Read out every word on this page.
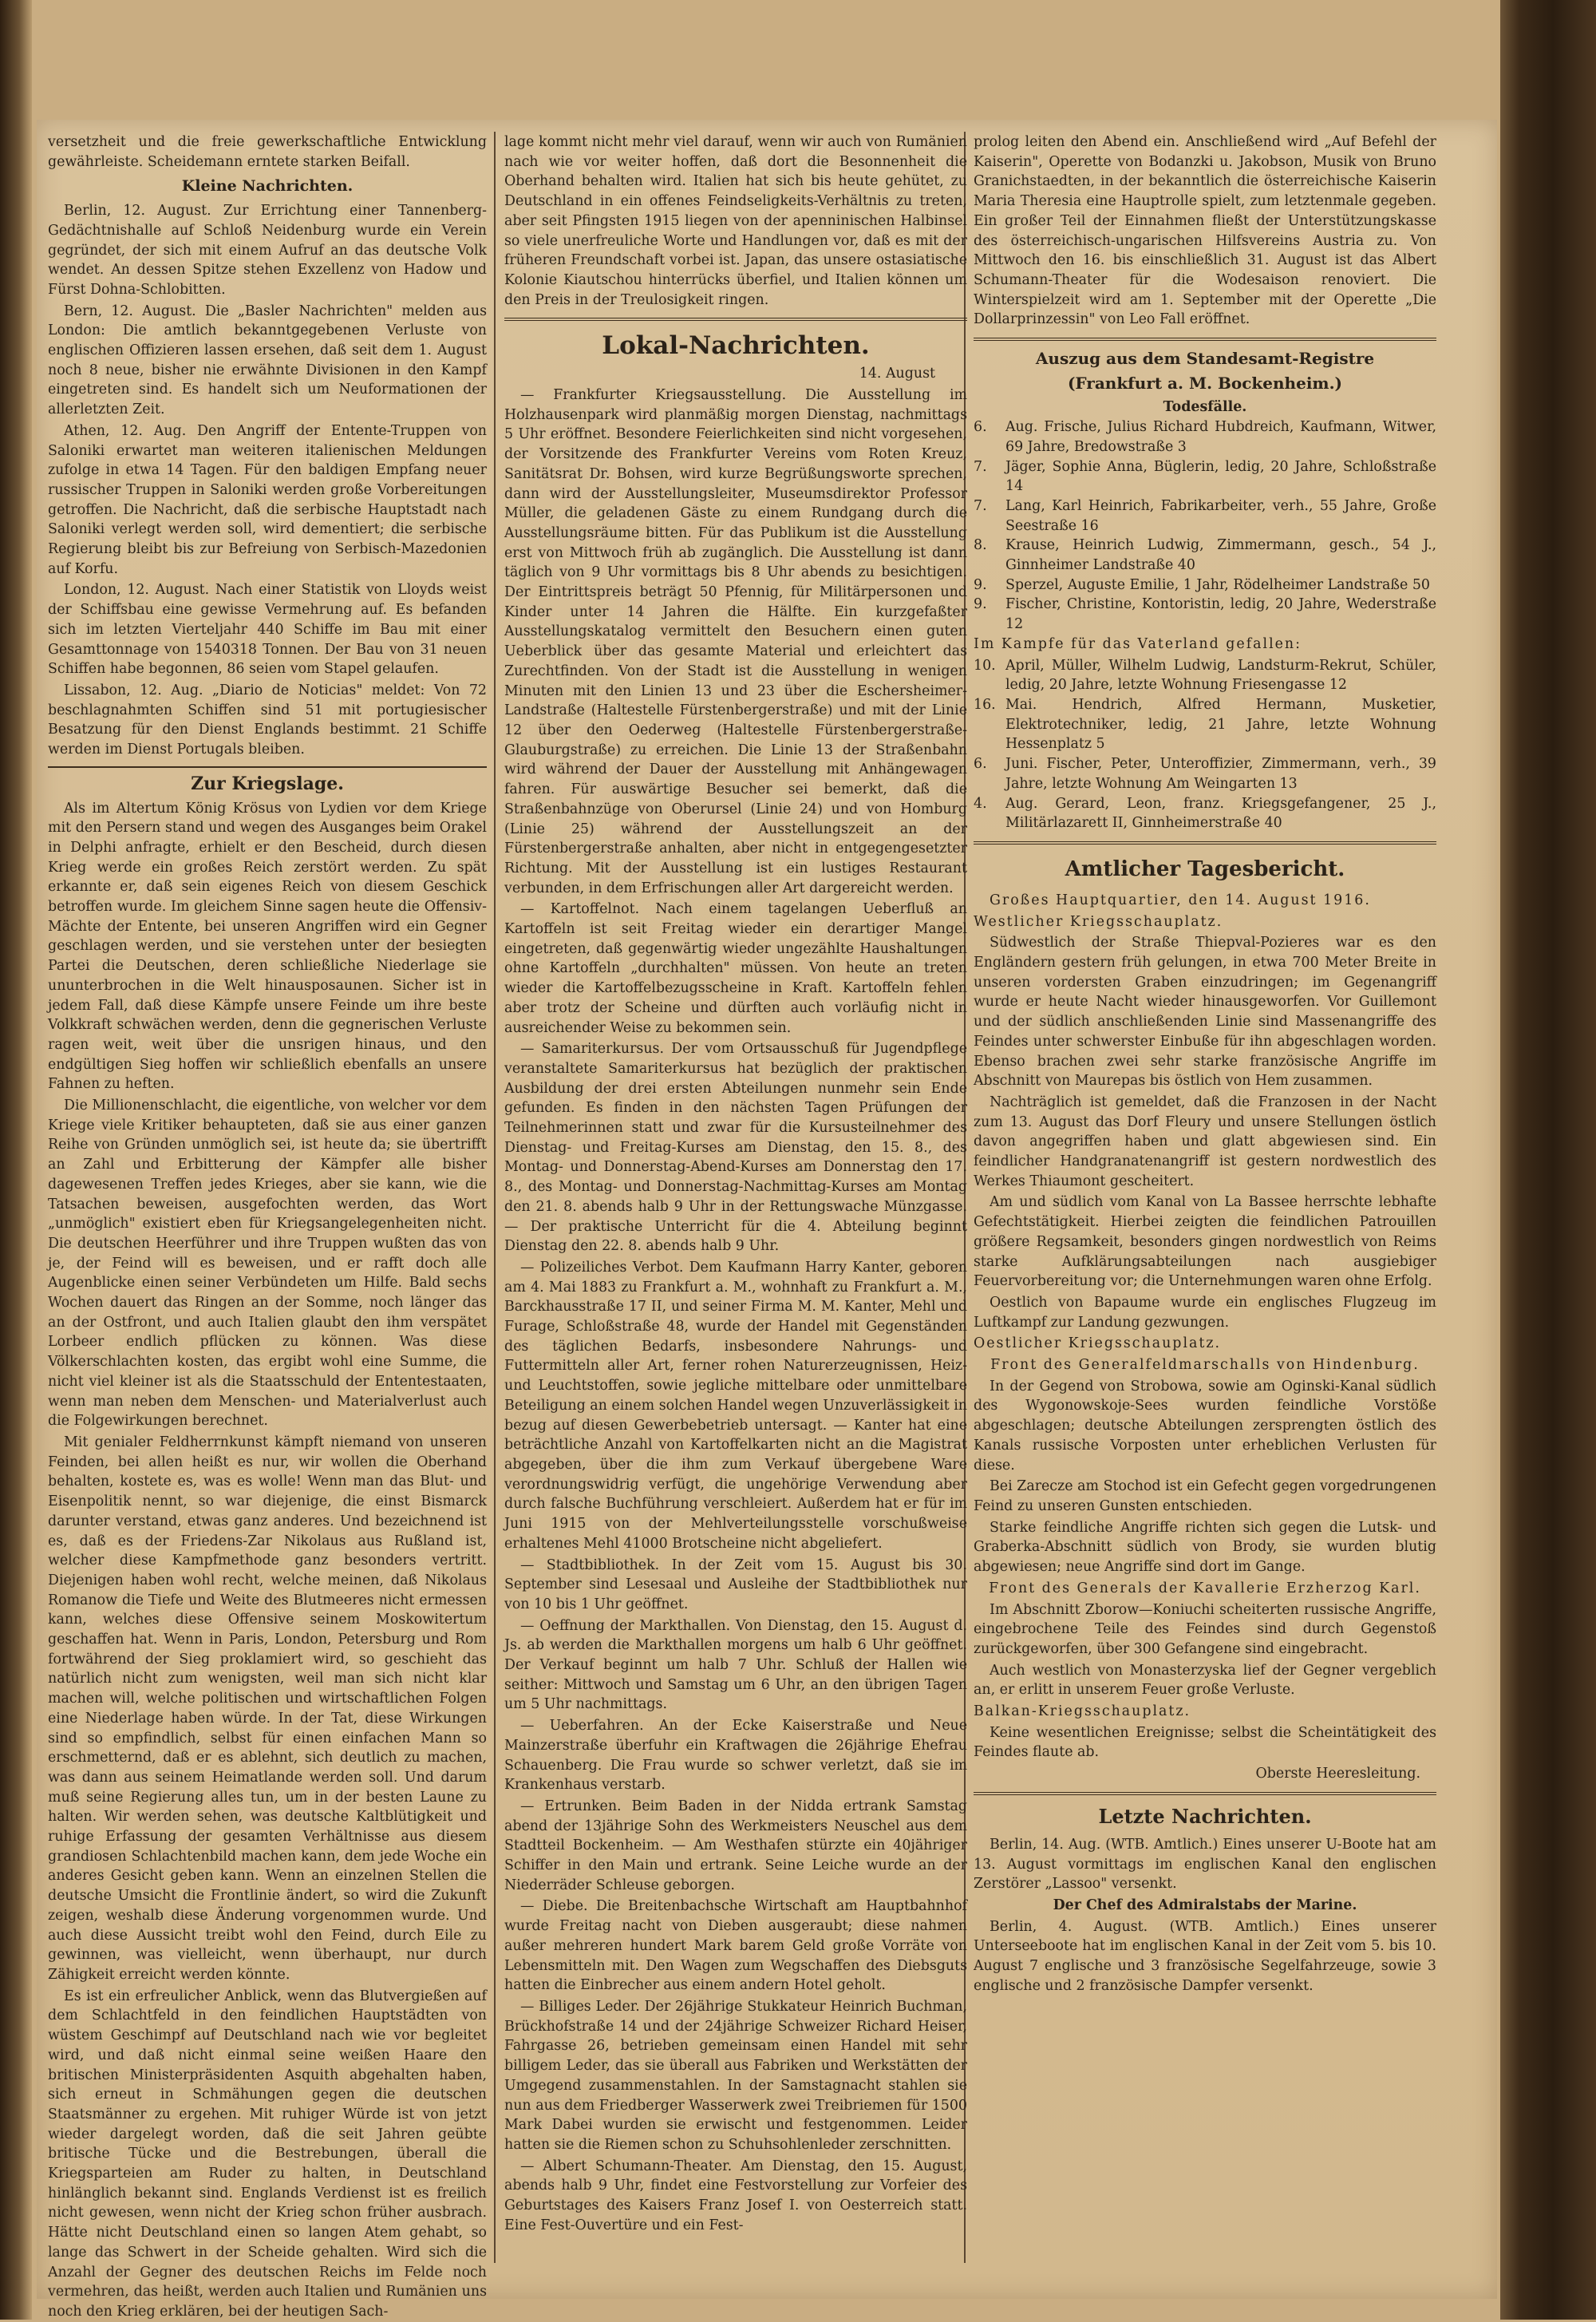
versetzheit und die freie gewerkschaftliche Entwicklung gewährleiste. Scheidemann erntete starken Beifall.

Kleine Nachrichten.

Berlin, 12. August. Zur Errichtung einer Tannenberg-Gedächtnishalle auf Schloß Neidenburg wurde ein Verein gegründet, der sich mit einem Aufruf an das deutsche Volk wendet. An dessen Spitze stehen Exzellenz von Hadow und Fürst Dohna-Schlobitten.

Bern, 12. August. Die „Basler Nachrichten" melden aus London: Die amtlich bekanntgegebenen Verluste von englischen Offizieren lassen ersehen, daß seit dem 1. August noch 8 neue, bisher nie erwähnte Divisionen in den Kampf eingetreten sind. Es handelt sich um Neuformationen der allerletzten Zeit.

Athen, 12. Aug. Den Angriff der Entente-Truppen von Saloniki erwartet man weiteren italienischen Meldungen zufolge in etwa 14 Tagen. Für den baldigen Empfang neuer russischer Truppen in Saloniki werden große Vorbereitungen getroffen. Die Nachricht, daß die serbische Hauptstadt nach Saloniki verlegt werden soll, wird dementiert; die serbische Regierung bleibt bis zur Befreiung von Serbisch-Mazedonien auf Korfu.

London, 12. August. Nach einer Statistik von Lloyds weist der Schiffsbau eine gewisse Vermehrung auf. Es befanden sich im letzten Vierteljahr 440 Schiffe im Bau mit einer Gesamttonnage von 1540318 Tonnen. Der Bau von 31 neuen Schiffen habe begonnen, 86 seien vom Stapel gelaufen.

Lissabon, 12. Aug. „Diario de Noticias" meldet: Von 72 beschlagnahmten Schiffen sind 51 mit portugiesischer Besatzung für den Dienst Englands bestimmt. 21 Schiffe werden im Dienst Portugals bleiben.

Zur Kriegslage.

Als im Altertum König Krösus von Lydien vor dem Kriege mit den Persern stand und wegen des Ausganges beim Orakel in Delphi anfragte, erhielt er den Bescheid, durch diesen Krieg werde ein großes Reich zerstört werden. Zu spät erkannte er, daß sein eigenes Reich von diesem Geschick betroffen wurde. Im gleichem Sinne sagen heute die Offensiv-Mächte der Entente, bei unseren Angriffen wird ein Gegner geschlagen werden, und sie verstehen unter der besiegten Partei die Deutschen, deren schließliche Niederlage sie ununterbrochen in die Welt hinausposaunen. Sicher ist in jedem Fall, daß diese Kämpfe unsere Feinde um ihre beste Volkkraft schwächen werden, denn die gegnerischen Verluste ragen weit, weit über die unsrigen hinaus, und den endgültigen Sieg hoffen wir schließlich ebenfalls an unsere Fahnen zu heften.

Die Millionenschlacht, die eigentliche, von welcher vor dem Kriege viele Kritiker behaupteten, daß sie aus einer ganzen Reihe von Gründen unmöglich sei, ist heute da; sie übertrifft an Zahl und Erbitterung der Kämpfer alle bisher dagewesenen Treffen jedes Krieges, aber sie kann, wie die Tatsachen beweisen, ausgefochten werden, das Wort „unmöglich" existiert eben für Kriegsangelegenheiten nicht. Die deutschen Heerführer und ihre Truppen wußten das von je, der Feind will es beweisen, und er rafft doch alle Augenblicke einen seiner Verbündeten um Hilfe. Bald sechs Wochen dauert das Ringen an der Somme, noch länger das an der Ostfront, und auch Italien glaubt den ihm verspätet Lorbeer endlich pflücken zu können. Was diese Völkerschlachten kosten, das ergibt wohl eine Summe, die nicht viel kleiner ist als die Staatsschuld der Ententestaaten, wenn man neben dem Menschen- und Materialverlust auch die Folgewirkungen berechnet.

Mit genialer Feldherrnkunst kämpft niemand von unseren Feinden, bei allen heißt es nur, wir wollen die Oberhand behalten, kostete es, was es wolle! Wenn man das Blut- und Eisenpolitik nennt, so war diejenige, die einst Bismarck darunter verstand, etwas ganz anderes. Und bezeichnend ist es, daß es der Friedens-Zar Nikolaus aus Rußland ist, welcher diese Kampfmethode ganz besonders vertritt. Diejenigen haben wohl recht, welche meinen, daß Nikolaus Romanow die Tiefe und Weite des Blutmeeres nicht ermessen kann, welches diese Offensive seinem Moskowitertum geschaffen hat. Wenn in Paris, London, Petersburg und Rom fortwährend der Sieg proklamiert wird, so geschieht das natürlich nicht zum wenigsten, weil man sich nicht klar machen will, welche politischen und wirtschaftlichen Folgen eine Niederlage haben würde. In der Tat, diese Wirkungen sind so empfindlich, selbst für einen einfachen Mann so erschmetternd, daß er es ablehnt, sich deutlich zu machen, was dann aus seinem Heimatlande werden soll. Und darum muß seine Regierung alles tun, um in der besten Laune zu halten. Wir werden sehen, was deutsche Kaltblütigkeit und ruhige Erfassung der gesamten Verhältnisse aus diesem grandiosen Schlachtenbild machen kann, dem jede Woche ein anderes Gesicht geben kann. Wenn an einzelnen Stellen die deutsche Umsicht die Frontlinie ändert, so wird die Zukunft zeigen, weshalb diese Änderung vorgenommen wurde. Und auch diese Aussicht treibt wohl den Feind, durch Eile zu gewinnen, was vielleicht, wenn überhaupt, nur durch Zähigkeit erreicht werden könnte.

Es ist ein erfreulicher Anblick, wenn das Blutvergießen auf dem Schlachtfeld in den feindlichen Hauptstädten von wüstem Geschimpf auf Deutschland nach wie vor begleitet wird, und daß nicht einmal seine weißen Haare den britischen Ministerpräsidenten Asquith abgehalten haben, sich erneut in Schmähungen gegen die deutschen Staatsmänner zu ergehen. Mit ruhiger Würde ist von jetzt wieder dargelegt worden, daß die seit Jahren geübte britische Tücke und die Bestrebungen, überall die Kriegsparteien am Ruder zu halten, in Deutschland hinlänglich bekannt sind. Englands Verdienst ist es freilich nicht gewesen, wenn nicht der Krieg schon früher ausbrach. Hätte nicht Deutschland einen so langen Atem gehabt, so lange das Schwert in der Scheide gehalten. Wird sich die Anzahl der Gegner des deutschen Reichs im Felde noch vermehren, das heißt, werden auch Italien und Rumänien uns noch den Krieg erklären, bei der heutigen Sach-

lage kommt nicht mehr viel darauf, wenn wir auch von Rumänien nach wie vor weiter hoffen, daß dort die Besonnenheit die Oberhand behalten wird. Italien hat sich bis heute gehütet, zu Deutschland in ein offenes Feindseligkeits-Verhältnis zu treten, aber seit Pfingsten 1915 liegen von der apenninischen Halbinsel so viele unerfreuliche Worte und Handlungen vor, daß es mit der früheren Freundschaft vorbei ist. Japan, das unsere ostasiatische Kolonie Kiautschou hinterrücks überfiel, und Italien können um den Preis in der Treulosigkeit ringen.

Lokal-Nachrichten.

14. August

— Frankfurter Kriegsausstellung. Die Ausstellung im Holzhausenpark wird planmäßig morgen Dienstag, nachmittags 5 Uhr eröffnet. Besondere Feierlichkeiten sind nicht vorgesehen, der Vorsitzende des Frankfurter Vereins vom Roten Kreuz, Sanitätsrat Dr. Bohsen, wird kurze Begrüßungsworte sprechen, dann wird der Ausstellungsleiter, Museumsdirektor Professor Müller, die geladenen Gäste zu einem Rundgang durch die Ausstellungsräume bitten. Für das Publikum ist die Ausstellung erst von Mittwoch früh ab zugänglich. Die Ausstellung ist dann täglich von 9 Uhr vormittags bis 8 Uhr abends zu besichtigen. Der Eintrittspreis beträgt 50 Pfennig, für Militärpersonen und Kinder unter 14 Jahren die Hälfte. Ein kurzgefaßter Ausstellungskatalog vermittelt den Besuchern einen guten Ueberblick über das gesamte Material und erleichtert das Zurechtfinden. Von der Stadt ist die Ausstellung in wenigen Minuten mit den Linien 13 und 23 über die Eschersheimer-Landstraße (Haltestelle Fürstenbergerstraße) und mit der Linie 12 über den Oederweg (Haltestelle Fürstenbergerstraße-Glauburgstraße) zu erreichen. Die Linie 13 der Straßenbahn wird während der Dauer der Ausstellung mit Anhängewagen fahren. Für auswärtige Besucher sei bemerkt, daß die Straßenbahnzüge von Oberursel (Linie 24) und von Homburg (Linie 25) während der Ausstellungszeit an der Fürstenbergerstraße anhalten, aber nicht in entgegengesetzter Richtung. Mit der Ausstellung ist ein lustiges Restaurant verbunden, in dem Erfrischungen aller Art dargereicht werden.

— Kartoffelnot. Nach einem tagelangen Ueberfluß an Kartoffeln ist seit Freitag wieder ein derartiger Mangel eingetreten, daß gegenwärtig wieder ungezählte Haushaltungen ohne Kartoffeln „durchhalten" müssen. Von heute an treten wieder die Kartoffelbezugsscheine in Kraft. Kartoffeln fehlen aber trotz der Scheine und dürften auch vorläufig nicht in ausreichender Weise zu bekommen sein.

— Samariterkursus. Der vom Ortsausschuß für Jugendpflege veranstaltete Samariterkursus hat bezüglich der praktischen Ausbildung der drei ersten Abteilungen nunmehr sein Ende gefunden. Es finden in den nächsten Tagen Prüfungen der Teilnehmerinnen statt und zwar für die Kursusteilnehmer des Dienstag- und Freitag-Kurses am Dienstag, den 15. 8., des Montag- und Donnerstag-Abend-Kurses am Donnerstag den 17. 8., des Montag- und Donnerstag-Nachmittag-Kurses am Montag den 21. 8. abends halb 9 Uhr in der Rettungswache Münzgasse. — Der praktische Unterricht für die 4. Abteilung beginnt Dienstag den 22. 8. abends halb 9 Uhr.

— Polizeiliches Verbot. Dem Kaufmann Harry Kanter, geboren am 4. Mai 1883 zu Frankfurt a. M., wohnhaft zu Frankfurt a. M., Barckhausstraße 17 II, und seiner Firma M. M. Kanter, Mehl und Furage, Schloßstraße 48, wurde der Handel mit Gegenständen des täglichen Bedarfs, insbesondere Nahrungs- und Futtermitteln aller Art, ferner rohen Naturerzeugnissen, Heiz- und Leuchtstoffen, sowie jegliche mittelbare oder unmittelbare Beteiligung an einem solchen Handel wegen Unzuverlässigkeit in bezug auf diesen Gewerbebetrieb untersagt. — Kanter hat eine beträchtliche Anzahl von Kartoffelkarten nicht an die Magistrat abgegeben, über die ihm zum Verkauf übergebene Ware verordnungswidrig verfügt, die ungehörige Verwendung aber durch falsche Buchführung verschleiert. Außerdem hat er für im Juni 1915 von der Mehlverteilungsstelle vorschußweise erhaltenes Mehl 41000 Brotscheine nicht abgeliefert.

— Stadtbibliothek. In der Zeit vom 15. August bis 30. September sind Lesesaal und Ausleihe der Stadtbibliothek nur von 10 bis 1 Uhr geöffnet.

— Oeffnung der Markthallen. Von Dienstag, den 15. August d. Js. ab werden die Markthallen morgens um halb 6 Uhr geöffnet. Der Verkauf beginnt um halb 7 Uhr. Schluß der Hallen wie seither: Mittwoch und Samstag um 6 Uhr, an den übrigen Tagen um 5 Uhr nachmittags.

— Ueberfahren. An der Ecke Kaiserstraße und Neue Mainzerstraße überfuhr ein Kraftwagen die 26jährige Ehefrau Schauenberg. Die Frau wurde so schwer verletzt, daß sie im Krankenhaus verstarb.

— Ertrunken. Beim Baden in der Nidda ertrank Samstag abend der 13jährige Sohn des Werkmeisters Neuschel aus dem Stadtteil Bockenheim. — Am Westhafen stürzte ein 40jähriger Schiffer in den Main und ertrank. Seine Leiche wurde an der Niederräder Schleuse geborgen.

— Diebe. Die Breitenbachsche Wirtschaft am Hauptbahnhof wurde Freitag nacht von Dieben ausgeraubt; diese nahmen außer mehreren hundert Mark barem Geld große Vorräte von Lebensmitteln mit. Den Wagen zum Wegschaffen des Diebsguts hatten die Einbrecher aus einem andern Hotel geholt.

— Billiges Leder. Der 26jährige Stukkateur Heinrich Buchman, Brückhofstraße 14 und der 24jährige Schweizer Richard Heiser, Fahrgasse 26, betrieben gemeinsam einen Handel mit sehr billigem Leder, das sie überall aus Fabriken und Werkstätten der Umgegend zusammenstahlen. In der Samstagnacht stahlen sie nun aus dem Friedberger Wasserwerk zwei Treibriemen für 1500 Mark Dabei wurden sie erwischt und festgenommen. Leider hatten sie die Riemen schon zu Schuhsohlenleder zerschnitten.

— Albert Schumann-Theater. Am Dienstag, den 15. August, abends halb 9 Uhr, findet eine Festvorstellung zur Vorfeier des Geburtstages des Kaisers Franz Josef I. von Oesterreich statt. Eine Fest-Ouvertüre und ein Fest-

prolog leiten den Abend ein. Anschließend wird „Auf Befehl der Kaiserin", Operette von Bodanzki u. Jakobson, Musik von Bruno Granichstaedten, in der bekanntlich die österreichische Kaiserin Maria Theresia eine Hauptrolle spielt, zum letztenmale gegeben. Ein großer Teil der Einnahmen fließt der Unterstützungskasse des österreichisch-ungarischen Hilfsvereins Austria zu. Von Mittwoch den 16. bis einschließlich 31. August ist das Albert Schumann-Theater für die Wodesaison renoviert. Die Winterspielzeit wird am 1. September mit der Operette „Die Dollarprinzessin" von Leo Fall eröffnet.

Auszug aus dem Standesamt-Registre
(Frankfurt a. M. Bockenheim.)
Todesfälle.
6.	Aug. Frische, Julius Richard Hubdreich, Kaufmann, Witwer, 69 Jahre, Bredowstraße 3
7.	Jäger, Sophie Anna, Büglerin, ledig, 20 Jahre, Schloßstraße 14
7.	Lang, Karl Heinrich, Fabrikarbeiter, verh., 55 Jahre, Große Seestraße 16
8.	Krause, Heinrich Ludwig, Zimmermann, gesch., 54 J., Ginnheimer Landstraße 40
9.	Sperzel, Auguste Emilie, 1 Jahr, Rödelheimer Landstraße 50
9.	Fischer, Christine, Kontoristin, ledig, 20 Jahre, Wederstraße 12

Im Kampfe für das Vaterland gefallen:

10. April, Müller, Wilhelm Ludwig, Landsturm-Rekrut, Schüler, ledig, 20 Jahre, letzte Wohnung Friesengasse 12
16. Mai. Hendrich, Alfred Hermann, Musketier, Elektrotechniker, ledig, 21 Jahre, letzte Wohnung Hessenplatz 5
6.	Juni. Fischer, Peter, Unteroffizier, Zimmermann, verh., 39 Jahre, letzte Wohnung Am Weingarten 13
4.	Aug. Gerard, Leon, franz. Kriegsgefangener, 25 J., Militärlazarett II, Ginnheimerstraße 40
Amtlicher Tagesbericht.

Großes Hauptquartier, den 14. August 1916.

Westlicher Kriegsschauplatz.

Südwestlich der Straße Thiepval-Pozieres war es den Engländern gestern früh gelungen, in etwa 700 Meter Breite in unseren vordersten Graben einzudringen; im Gegenangriff wurde er heute Nacht wieder hinausgeworfen. Vor Guillemont und der südlich anschließenden Linie sind Massenangriffe des Feindes unter schwerster Einbuße für ihn abgeschlagen worden. Ebenso brachen zwei sehr starke französische Angriffe im Abschnitt von Maurepas bis östlich von Hem zusammen.

Nachträglich ist gemeldet, daß die Franzosen in der Nacht zum 13. August das Dorf Fleury und unsere Stellungen östlich davon angegriffen haben und glatt abgewiesen sind. Ein feindlicher Handgranatenangriff ist gestern nordwestlich des Werkes Thiaumont gescheitert.

Am und südlich vom Kanal von La Bassee herrschte lebhafte Gefechtstätigkeit. Hierbei zeigten die feindlichen Patrouillen größere Regsamkeit, besonders gingen nordwestlich von Reims starke Aufklärungsabteilungen nach ausgiebiger Feuervorbereitung vor; die Unternehmungen waren ohne Erfolg.

Oestlich von Bapaume wurde ein englisches Flugzeug im Luftkampf zur Landung gezwungen.

Oestlicher Kriegsschauplatz.

Front des Generalfeldmarschalls von Hindenburg.

In der Gegend von Strobowa, sowie am Oginski-Kanal südlich des Wygonowskoje-Sees wurden feindliche Vorstöße abgeschlagen; deutsche Abteilungen zersprengten östlich des Kanals russische Vorposten unter erheblichen Verlusten für diese.

Bei Zarecze am Stochod ist ein Gefecht gegen vorgedrungenen Feind zu unseren Gunsten entschieden.

Starke feindliche Angriffe richten sich gegen die Lutsk- und Graberka-Abschnitt südlich von Brody, sie wurden blutig abgewiesen; neue Angriffe sind dort im Gange.

Front des Generals der Kavallerie Erzherzog Karl.

Im Abschnitt Zborow—Koniuchi scheiterten russische Angriffe, eingebrochene Teile des Feindes sind durch Gegenstoß zurückgeworfen, über 300 Gefangene sind eingebracht.

Auch westlich von Monasterzyska lief der Gegner vergeblich an, er erlitt in unserem Feuer große Verluste.

Balkan-Kriegsschauplatz.

Keine wesentlichen Ereignisse; selbst die Scheintätigkeit des Feindes flaute ab.

Oberste Heeresleitung.

Letzte Nachrichten.

Berlin, 14. Aug. (WTB. Amtlich.) Eines unserer U-Boote hat am 13. August vormittags im englischen Kanal den englischen Zerstörer „Lassoo" versenkt.

Der Chef des Admiralstabs der Marine.

Berlin, 4. August. (WTB. Amtlich.) Eines unserer Unterseeboote hat im englischen Kanal in der Zeit vom 5. bis 10. August 7 englische und 3 französische Segelfahrzeuge, sowie 3 englische und 2 französische Dampfer versenkt.
